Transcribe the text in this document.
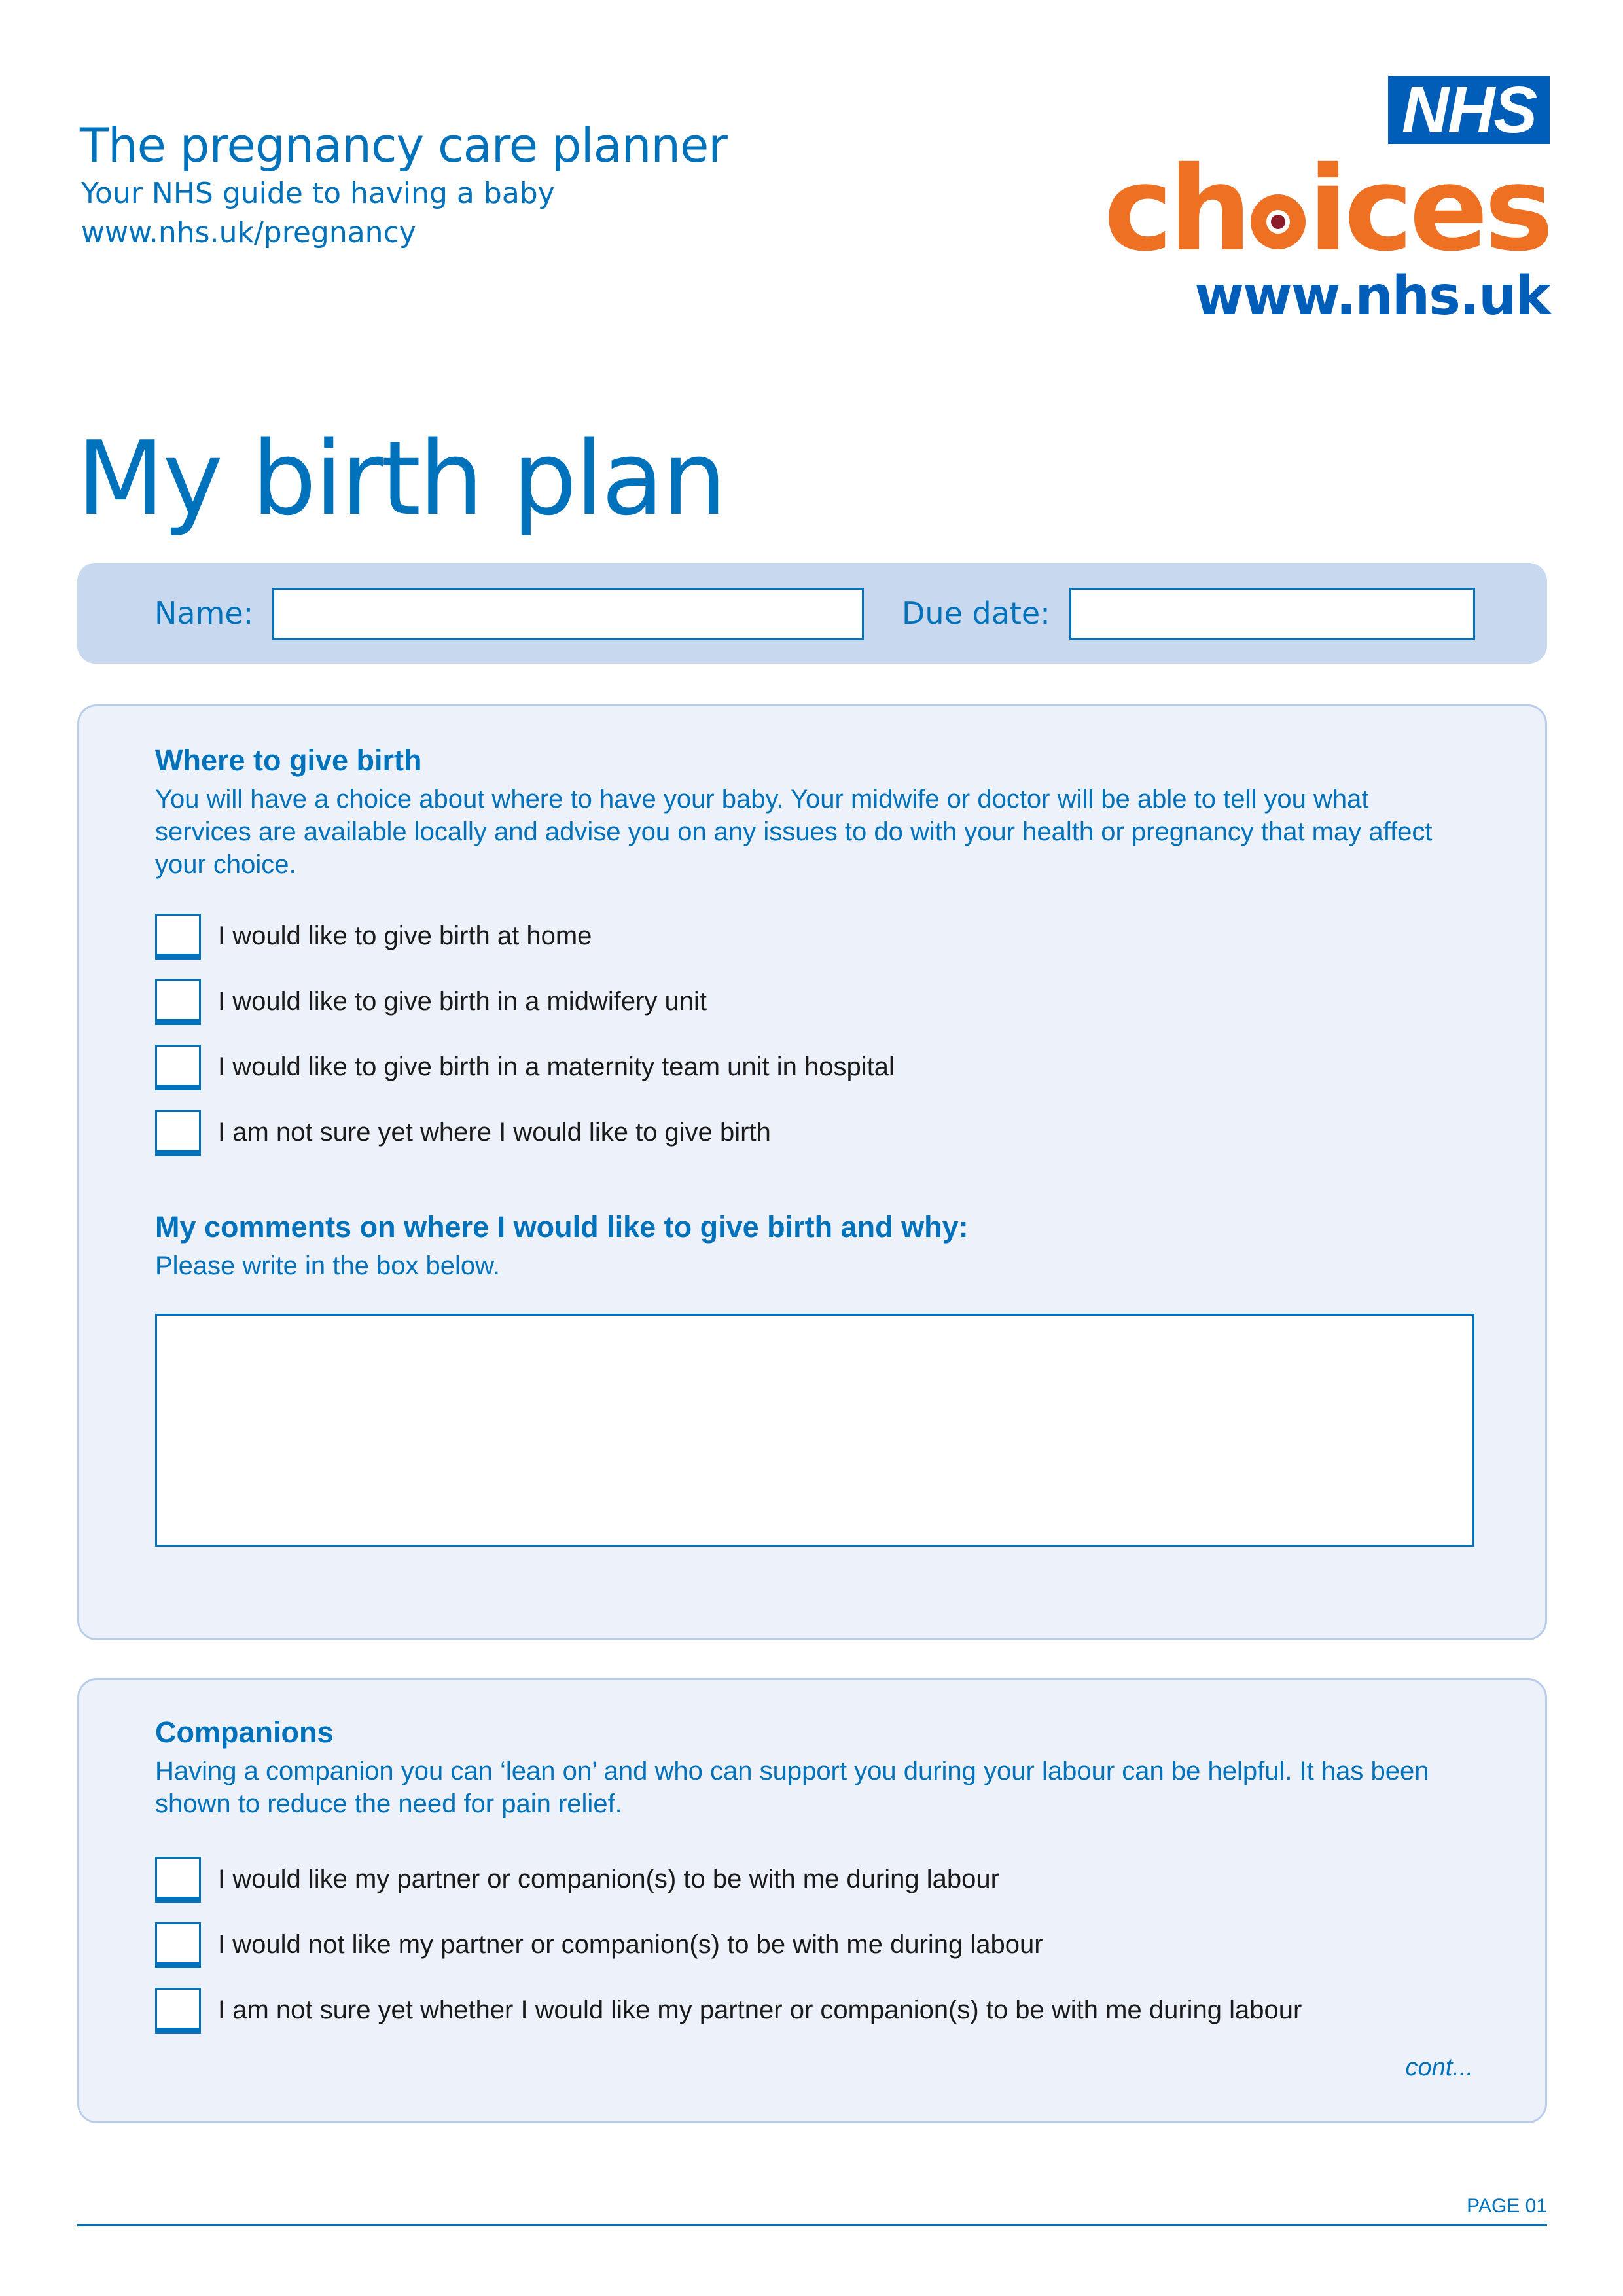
The pregnancy care planner
Your NHS guide to having a baby
www.nhs.uk/pregnancy
NHS
ch ices
www.nhs.uk
My birth plan
Name:	Due date:
Where to give birth
You will have a choice about where to have your baby. Your midwife or doctor will be able to tell you what services are available locally and advise you on any issues to do with your health or pregnancy that may affect your choice.
I would like to give birth at home
I would like to give birth in a midwifery unit
I would like to give birth in a maternity team unit in hospital
I am not sure yet where I would like to give birth
My comments on where I would like to give birth and why:
Please write in the box below.
Companions
Having a companion you can ‘lean on’ and who can support you during your labour can be helpful. It has been shown to reduce the need for pain relief.
I would like my partner or companion(s) to be with me during labour
I would not like my partner or companion(s) to be with me during labour
I am not sure yet whether I would like my partner or companion(s) to be with me during labour
cont...
PAGE 01
